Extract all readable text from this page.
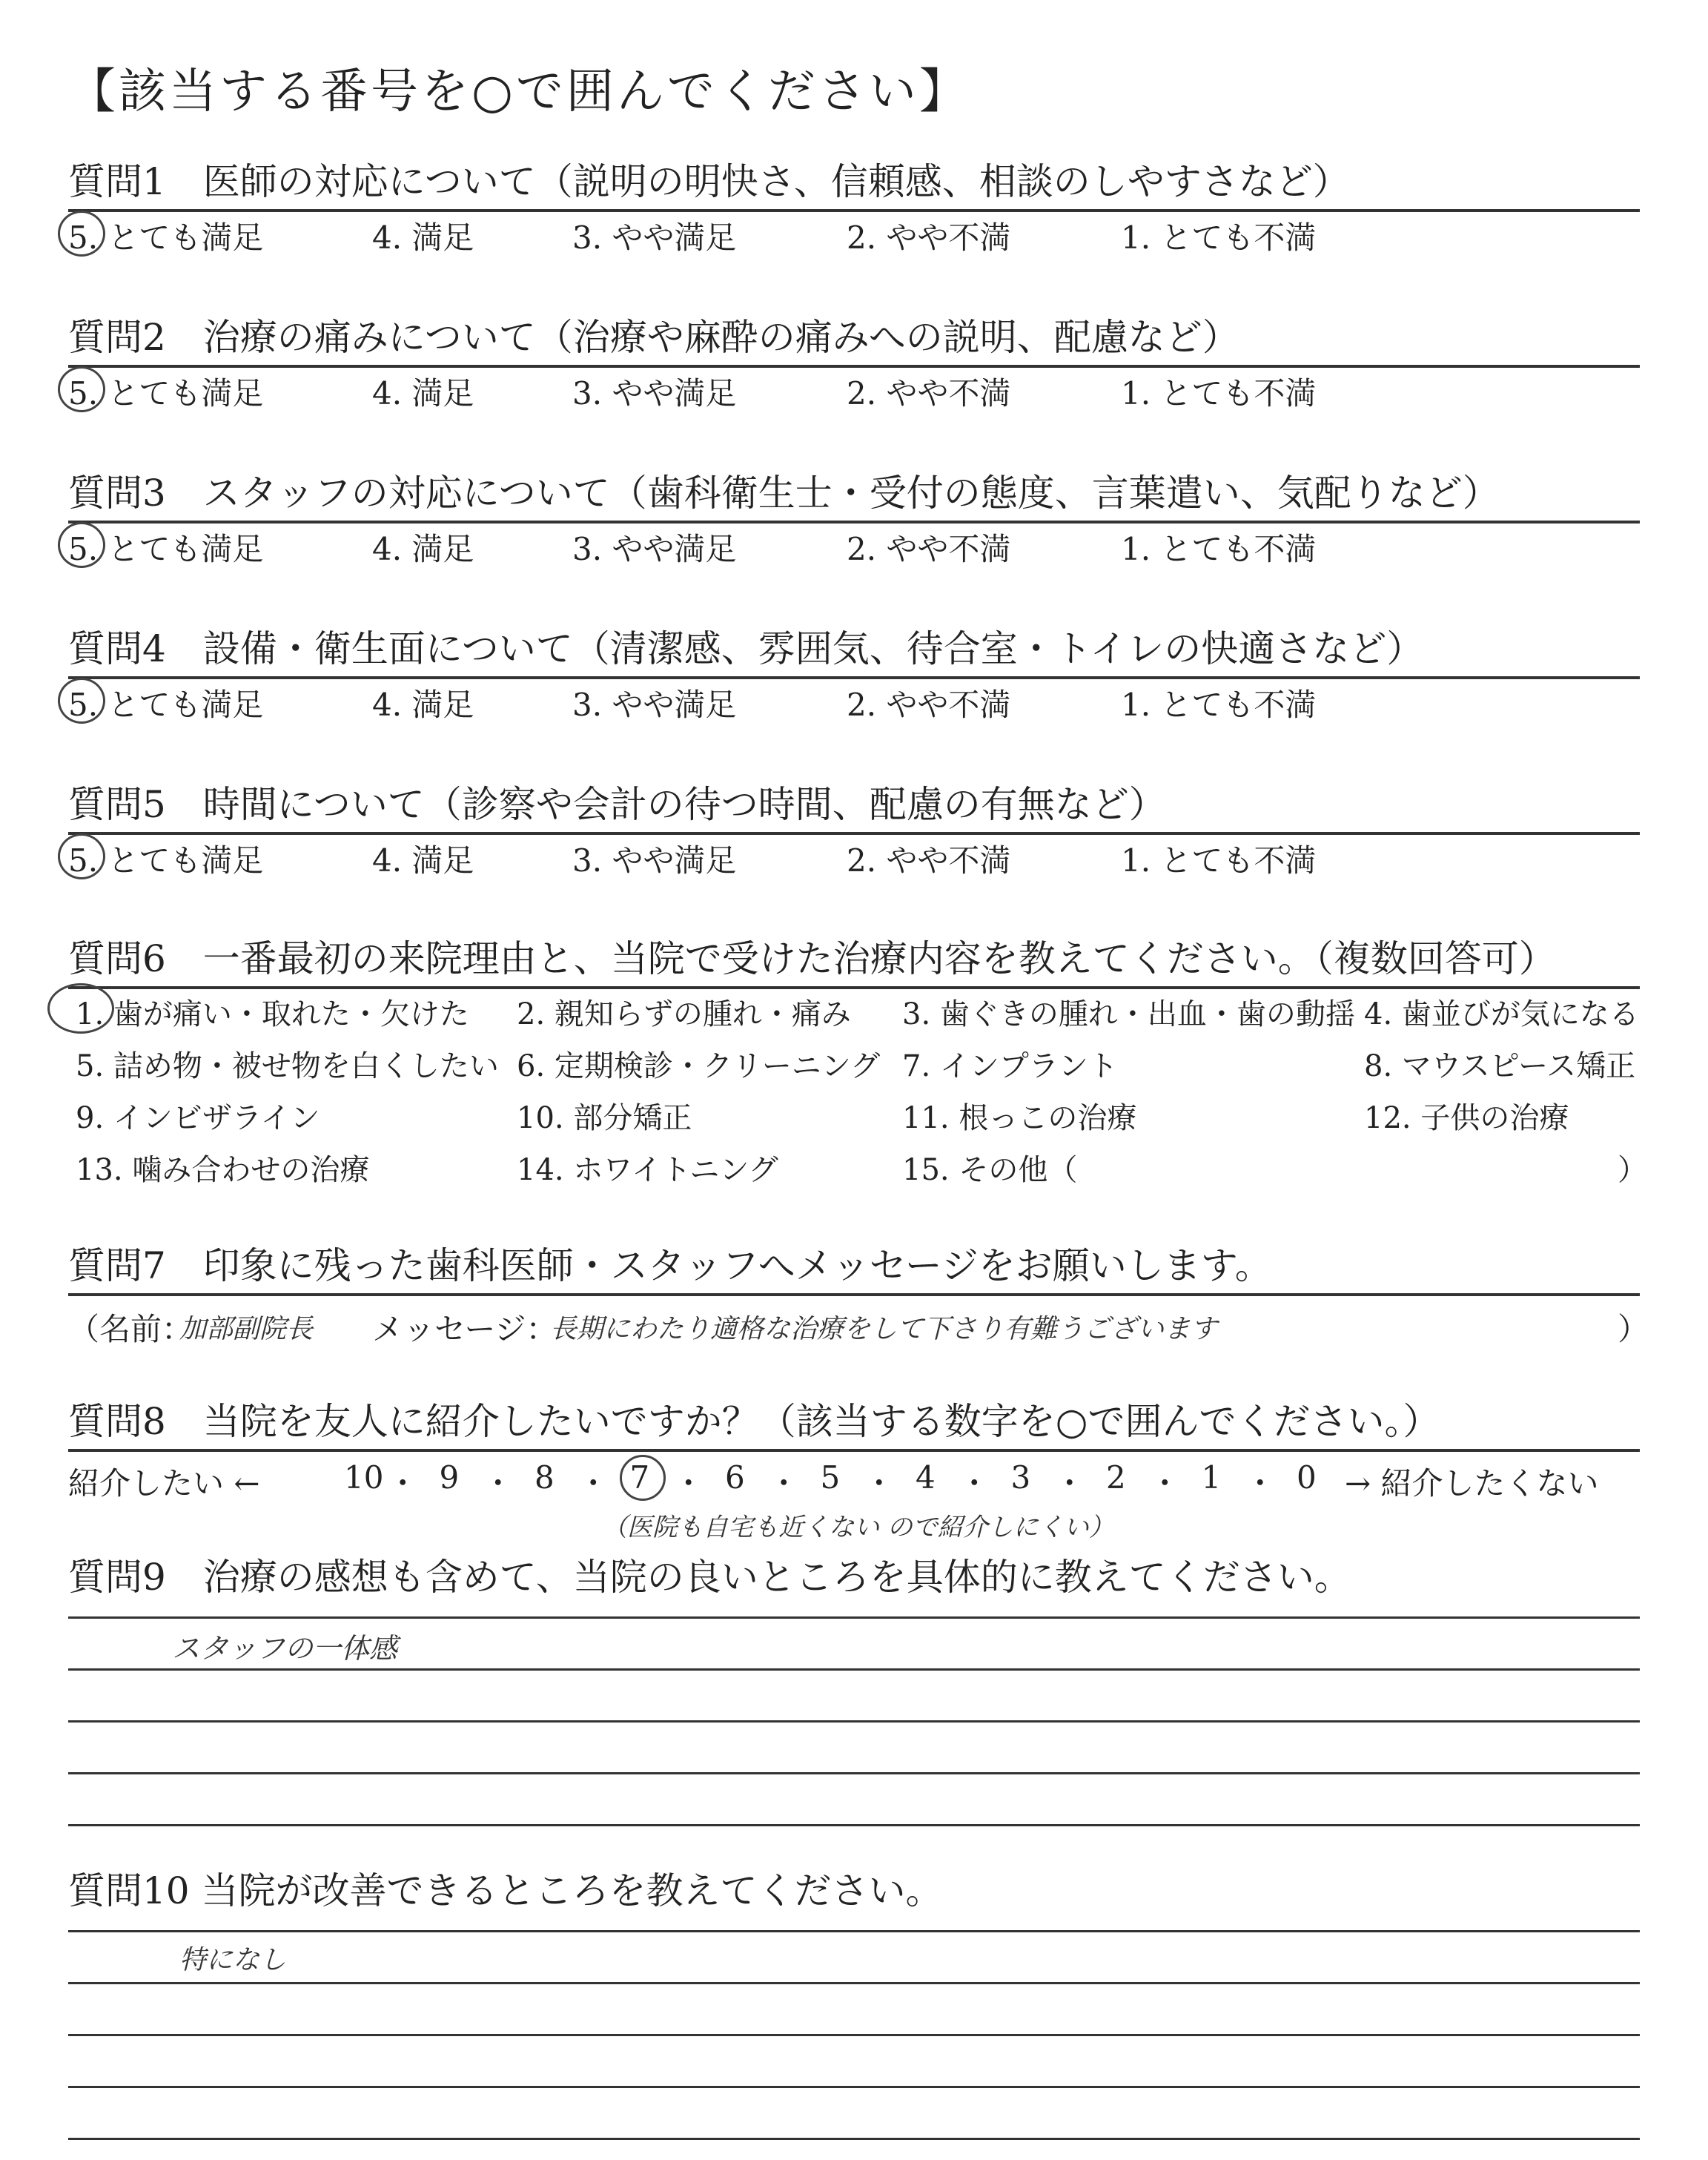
【該当する番号を○で囲んでください】
質問1　医師の対応について（説明の明快さ、信頼感、相談のしやすさなど）
5. とても満足	4. 満足	3. やや満足	2. やや不満	1. とても不満
質問2　治療の痛みについて（治療や麻酔の痛みへの説明、配慮など）
5. とても満足	4. 満足	3. やや満足	2. やや不満	1. とても不満
質問3　スタッフの対応について（歯科衛生士・受付の態度、言葉遣い、気配りなど）
5. とても満足	4. 満足	3. やや満足	2. やや不満	1. とても不満
質問4　設備・衛生面について（清潔感、雰囲気、待合室・トイレの快適さなど）
5. とても満足	4. 満足	3. やや満足	2. やや不満	1. とても不満
質問5　時間について（診察や会計の待つ時間、配慮の有無など）
5. とても満足	4. 満足	3. やや満足	2. やや不満	1. とても不満
質問6　一番最初の来院理由と、当院で受けた治療内容を教えてください。（複数回答可）
1. 歯が痛い・取れた・欠けた 2. 親知らずの腫れ・痛み 3. 歯ぐきの腫れ・出血・歯の動揺 4. 歯並びが気になる
5. 詰め物・被せ物を白くしたい 6. 定期検診・クリーニング 7. インプラント	8. マウスピース矯正
9. インビザライン	10. 部分矯正	11. 根っこの治療	12. 子供の治療
13. 噛み合わせの治療	14. ホワイトニング	15. その他（	）
質問7　印象に残った歯科医師・スタッフへメッセージをお願いします。
（名前：
加部副院長 メッセージ：
長期にわたり適格な治療をして下さり有難うございます	）
質問8　当院を友人に紹介したいですか？（該当する数字を○で囲んでください。）
紹介したい ←	→ 紹介したくない
10 ・ 9 ・ 8 ・ 7 ・ 6 ・ 5 ・ 4 ・ 3 ・ 2 ・ 1 ・ 0
（医院も自宅も近くない ので紹介しにくい）
質問9　治療の感想も含めて、当院の良いところを具体的に教えてください。
スタッフの一体感
質問10 当院が改善できるところを教えてください。
特になし
